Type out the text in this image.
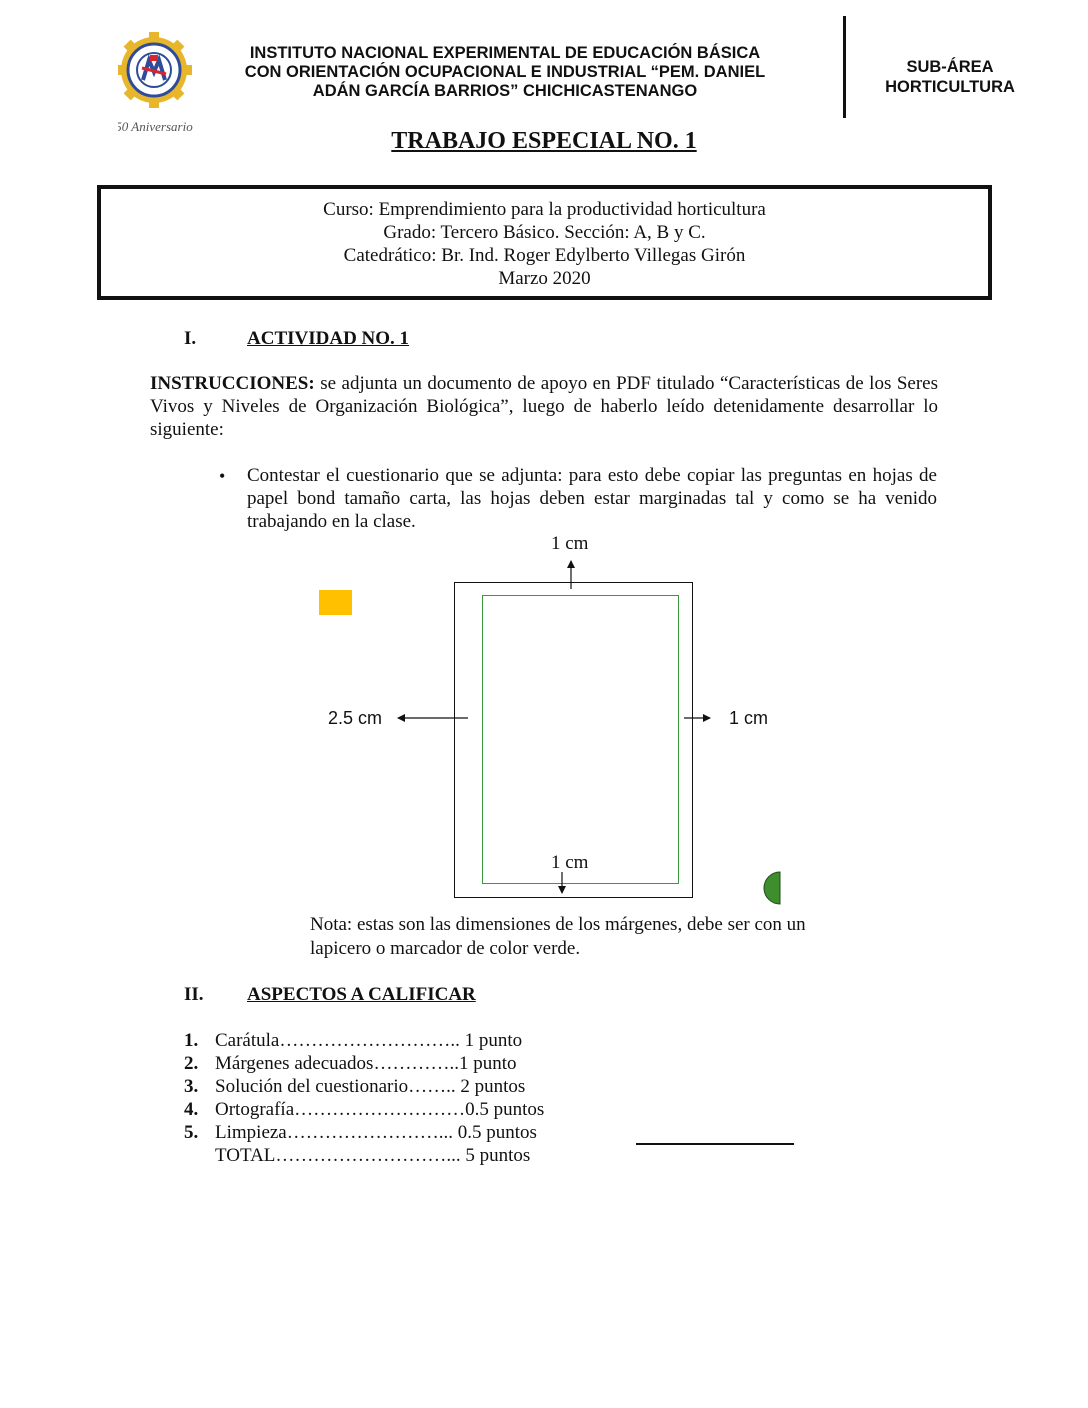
50 Aniversario
INSTITUTO NACIONAL EXPERIMENTAL DE EDUCACIÓN BÁSICA
CON ORIENTACIÓN OCUPACIONAL E INDUSTRIAL “PEM. DANIEL
ADÁN GARCÍA BARRIOS” CHICHICASTENANGO
SUB-ÁREA
HORTICULTURA
TRABAJO ESPECIAL NO. 1
Curso: Emprendimiento para la productividad horticultura
Grado: Tercero Básico. Sección: A, B y C.
Catedrático: Br. Ind. Roger Edylberto Villegas Girón
Marzo 2020
I.	ACTIVIDAD NO. 1
INSTRUCCIONES: se adjunta un documento de apoyo en PDF titulado “Características de los Seres Vivos y Niveles de Organización Biológica”, luego de haberlo leído detenidamente desarrollar lo siguiente:
• Contestar el cuestionario que se adjunta: para esto debe copiar las preguntas en hojas de papel bond tamaño carta, las hojas deben estar marginadas tal y como se ha venido trabajando en la clase.
1 cm
2.5 cm	1 cm
1 cm
Nota: estas son las dimensiones de los márgenes, debe ser con un lapicero o marcador de color verde.
II. ASPECTOS A CALIFICAR
1. Carátula……………………….. 1 punto
2. Márgenes adecuados…………..1 punto
3. Solución del cuestionario…….. 2 puntos
4. Ortografía………………………0.5 puntos
5. Limpieza……………………... 0.5 puntos
TOTAL………………………... 5 puntos
